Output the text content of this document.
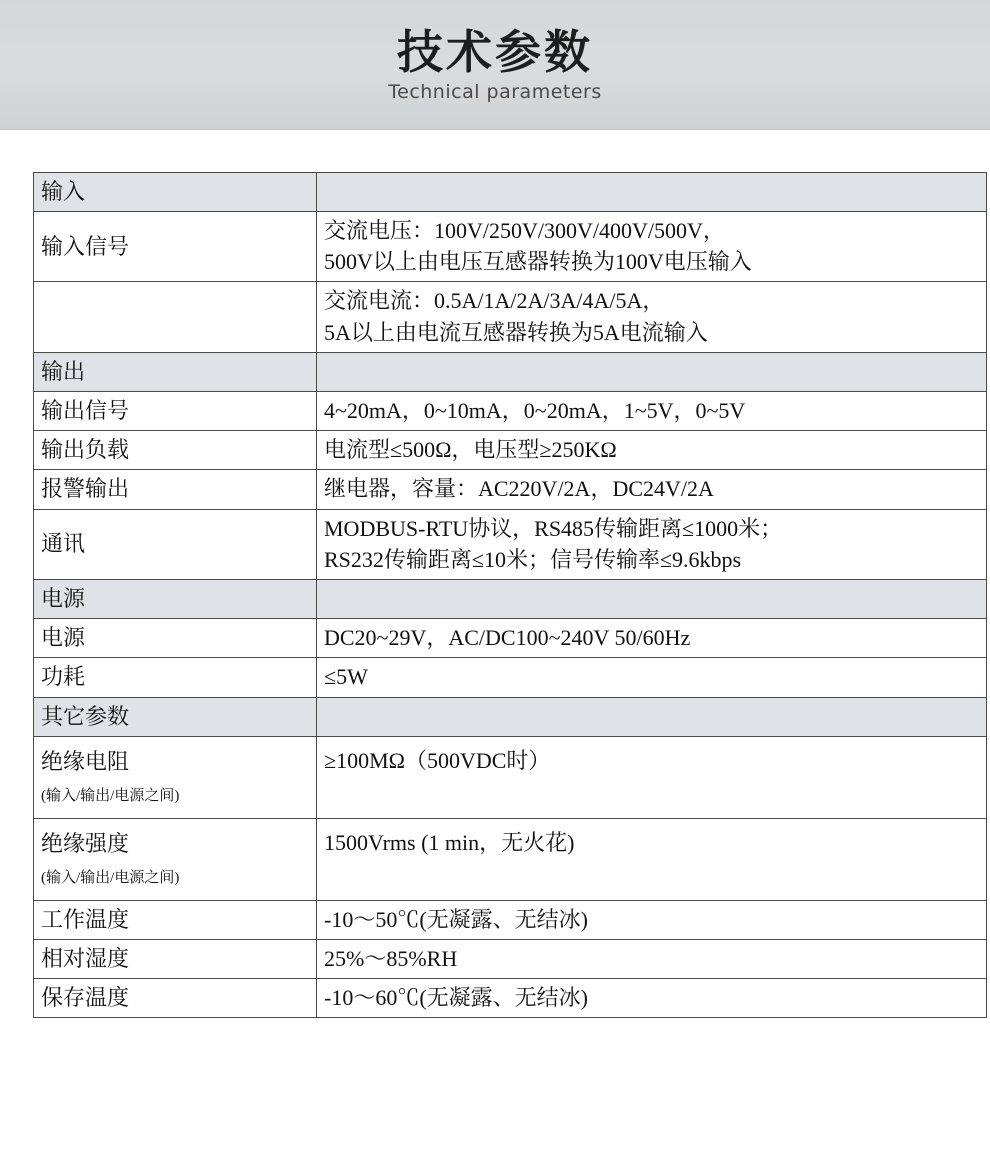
技术参数
Technical parameters
输入	
输入信号	交流电压：100V/250V/300V/400V/500V，
500V以上由电压互感器转换为100V电压输入

	交流电流：0.5A/1A/2A/3A/4A/5A，
5A以上由电流互感器转换为5A电流输入

输出	
输出信号	4~20mA，0~10mA，0~20mA，1~5V，0~5V
输出负载	电流型≤500Ω，电压型≥250KΩ
报警输出	继电器，容量：AC220V/2A，DC24V/2A
通讯	MODBUS-RTU协议，RS485传输距离≤1000米；
RS232传输距离≤10米；信号传输率≤9.6kbps

电源	
电源	DC20~29V，AC/DC100~240V 50/60Hz
功耗	≤5W
其它参数	

绝缘电阻
(输入/输出/电源之间)	≥100MΩ（500VDC时）

绝缘强度
(输入/输出/电源之间)	1500Vrms (1 min，无火花)
工作温度	-10～50℃(无凝露、无结冰)
相对湿度	25%～85%RH
保存温度	-10～60℃(无凝露、无结冰)
